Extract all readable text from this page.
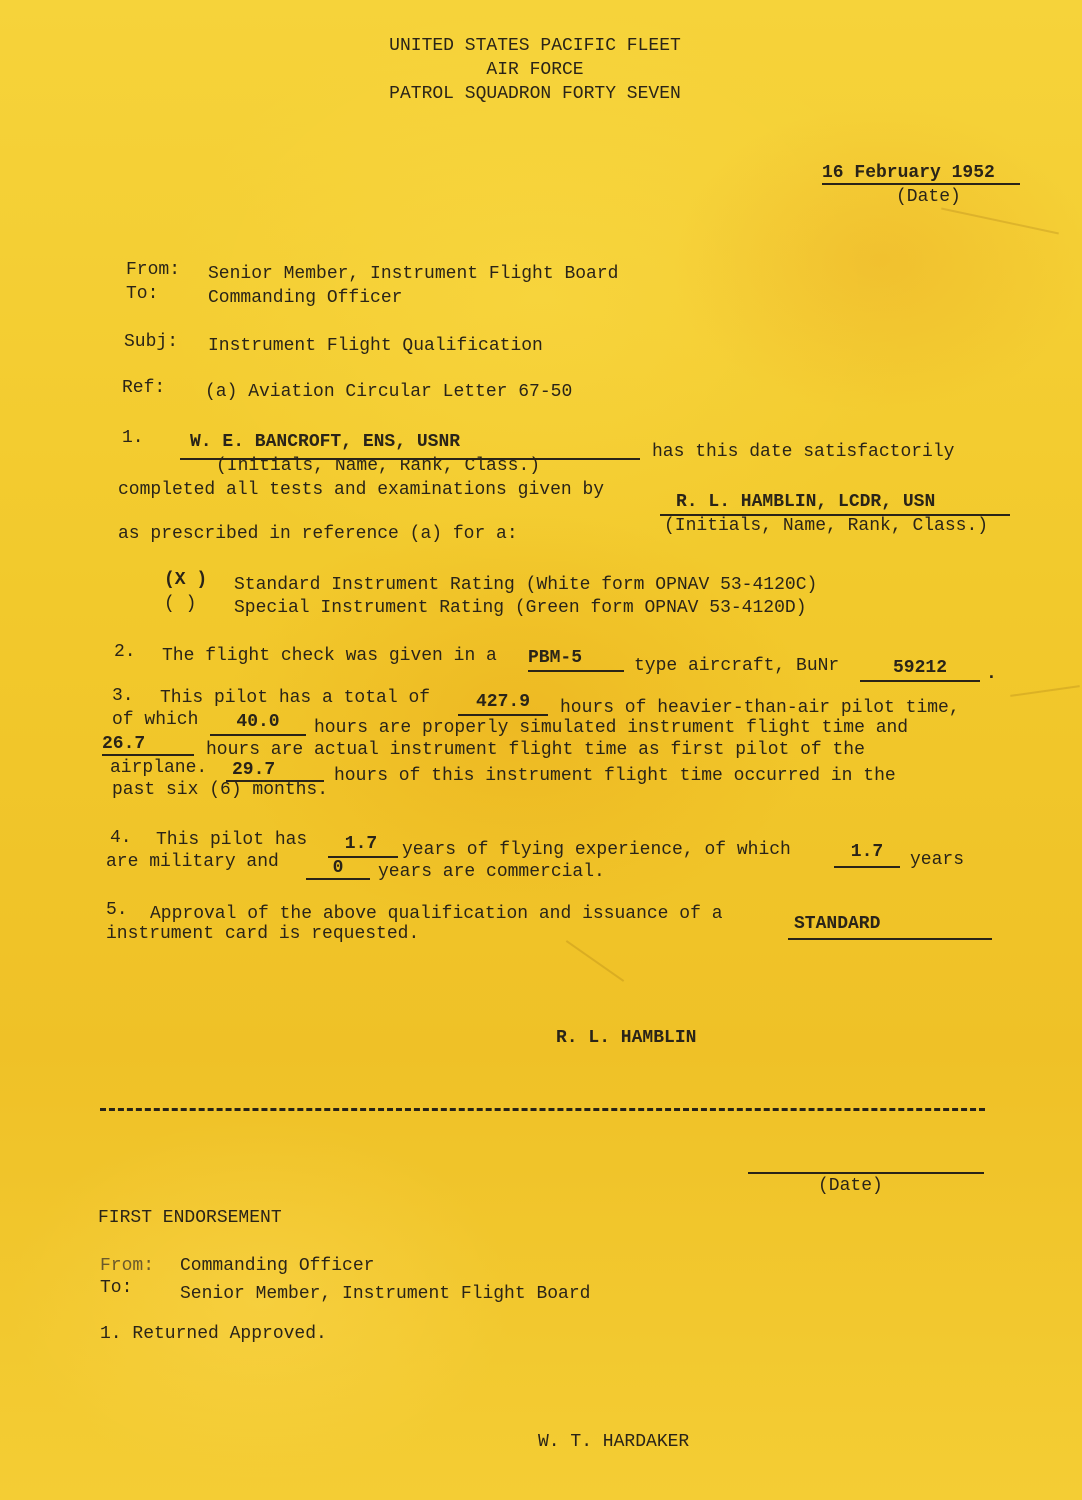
UNITED STATES PACIFIC FLEET
AIR FORCE
PATROL SQUADRON FORTY SEVEN
16 February 1952
(Date)
From: Senior Member, Instrument Flight Board
To:	Commanding Officer
Subj: Instrument Flight Qualification
Ref: (a) Aviation Circular Letter 67-50
1.	W. E. BANCROFT, ENS, USNR	has this date satisfactorily
(Initials, Name, Rank, Class.)
completed all tests and examinations given by
R. L. HAMBLIN, LCDR, USN
(Initials, Name, Rank, Class.)
as prescribed in reference (a) for a:
(X ) Standard Instrument Rating (White form OPNAV 53-4120C)
( ) Special Instrument Rating (Green form OPNAV 53-4120D)
2. The flight check was given in a PBM-5	type aircraft, BuNr	59212	.
3. This pilot has a total of	427.9	hours of heavier-than-air pilot time,
of which	40.0	hours are properly simulated instrument flight time and
26.7	hours are actual instrument flight time as first pilot of the
airplane.	29.7	hours of this instrument flight time occurred in the
past six (6) months.
4. This pilot has	1.7	years of flying experience, of which	1.7	years
are military and	0	years are commercial.
5. Approval of the above qualification and issuance of a	STANDARD
instrument card is requested.
R. L. HAMBLIN
(Date)
FIRST ENDORSEMENT
From: Commanding Officer
To:	Senior Member, Instrument Flight Board
1. Returned Approved.
W. T. HARDAKER
